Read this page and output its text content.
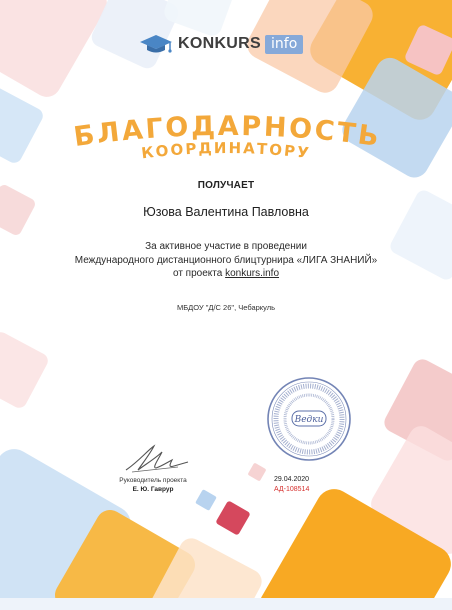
KONKURS info
БЛАГОДАРНОСТЬ
КООРДИНАТОРУ
ПОЛУЧАЕТ
Юзова Валентина Павловна
За активное участие в проведении
Международного дистанционного блицтурнира «ЛИГА ЗНАНИЙ»
от проекта konkurs.info
МБДОУ "Д/С 26", Чебаркуль
Руководитель проекта
Е. Ю. Гаврур
Ведки
29.04.2020
АД-108514
